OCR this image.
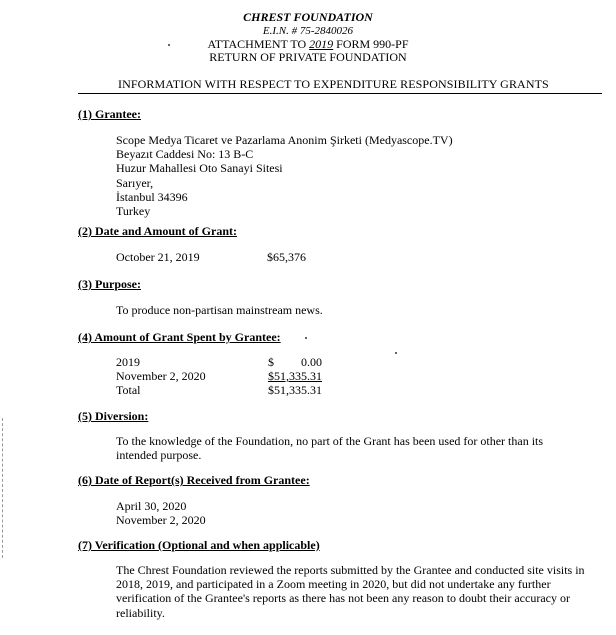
CHREST FOUNDATION
E.I.N. # 75-2840026
ATTACHMENT TO 2019 FORM 990-PF
RETURN OF PRIVATE FOUNDATION
INFORMATION WITH RESPECT TO EXPENDITURE RESPONSIBILITY GRANTS
(1) Grantee:
Scope Medya Ticaret ve Pazarlama Anonim Şirketi (Medyascope.TV)
Beyazıt Caddesi No: 13 B-C
Huzur Mahallesi Oto Sanayi Sitesi
Sarıyer,
İstanbul 34396
Turkey
(2) Date and Amount of Grant:
October 21, 2019	$65,376
(3) Purpose:
To produce non-partisan mainstream news.
(4) Amount of Grant Spent by Grantee:
2019	$	0.00
November 2, 2020	$51,335.31
Total	$51,335.31
(5) Diversion:
To the knowledge of the Foundation, no part of the Grant has been used for other than its
intended purpose.
(6) Date of Report(s) Received from Grantee:
April 30, 2020
November 2, 2020
(7) Verification (Optional and when applicable)
The Chrest Foundation reviewed the reports submitted by the Grantee and conducted site visits in
2018, 2019, and participated in a Zoom meeting in 2020, but did not undertake any further
verification of the Grantee's reports as there has not been any reason to doubt their accuracy or
reliability.
